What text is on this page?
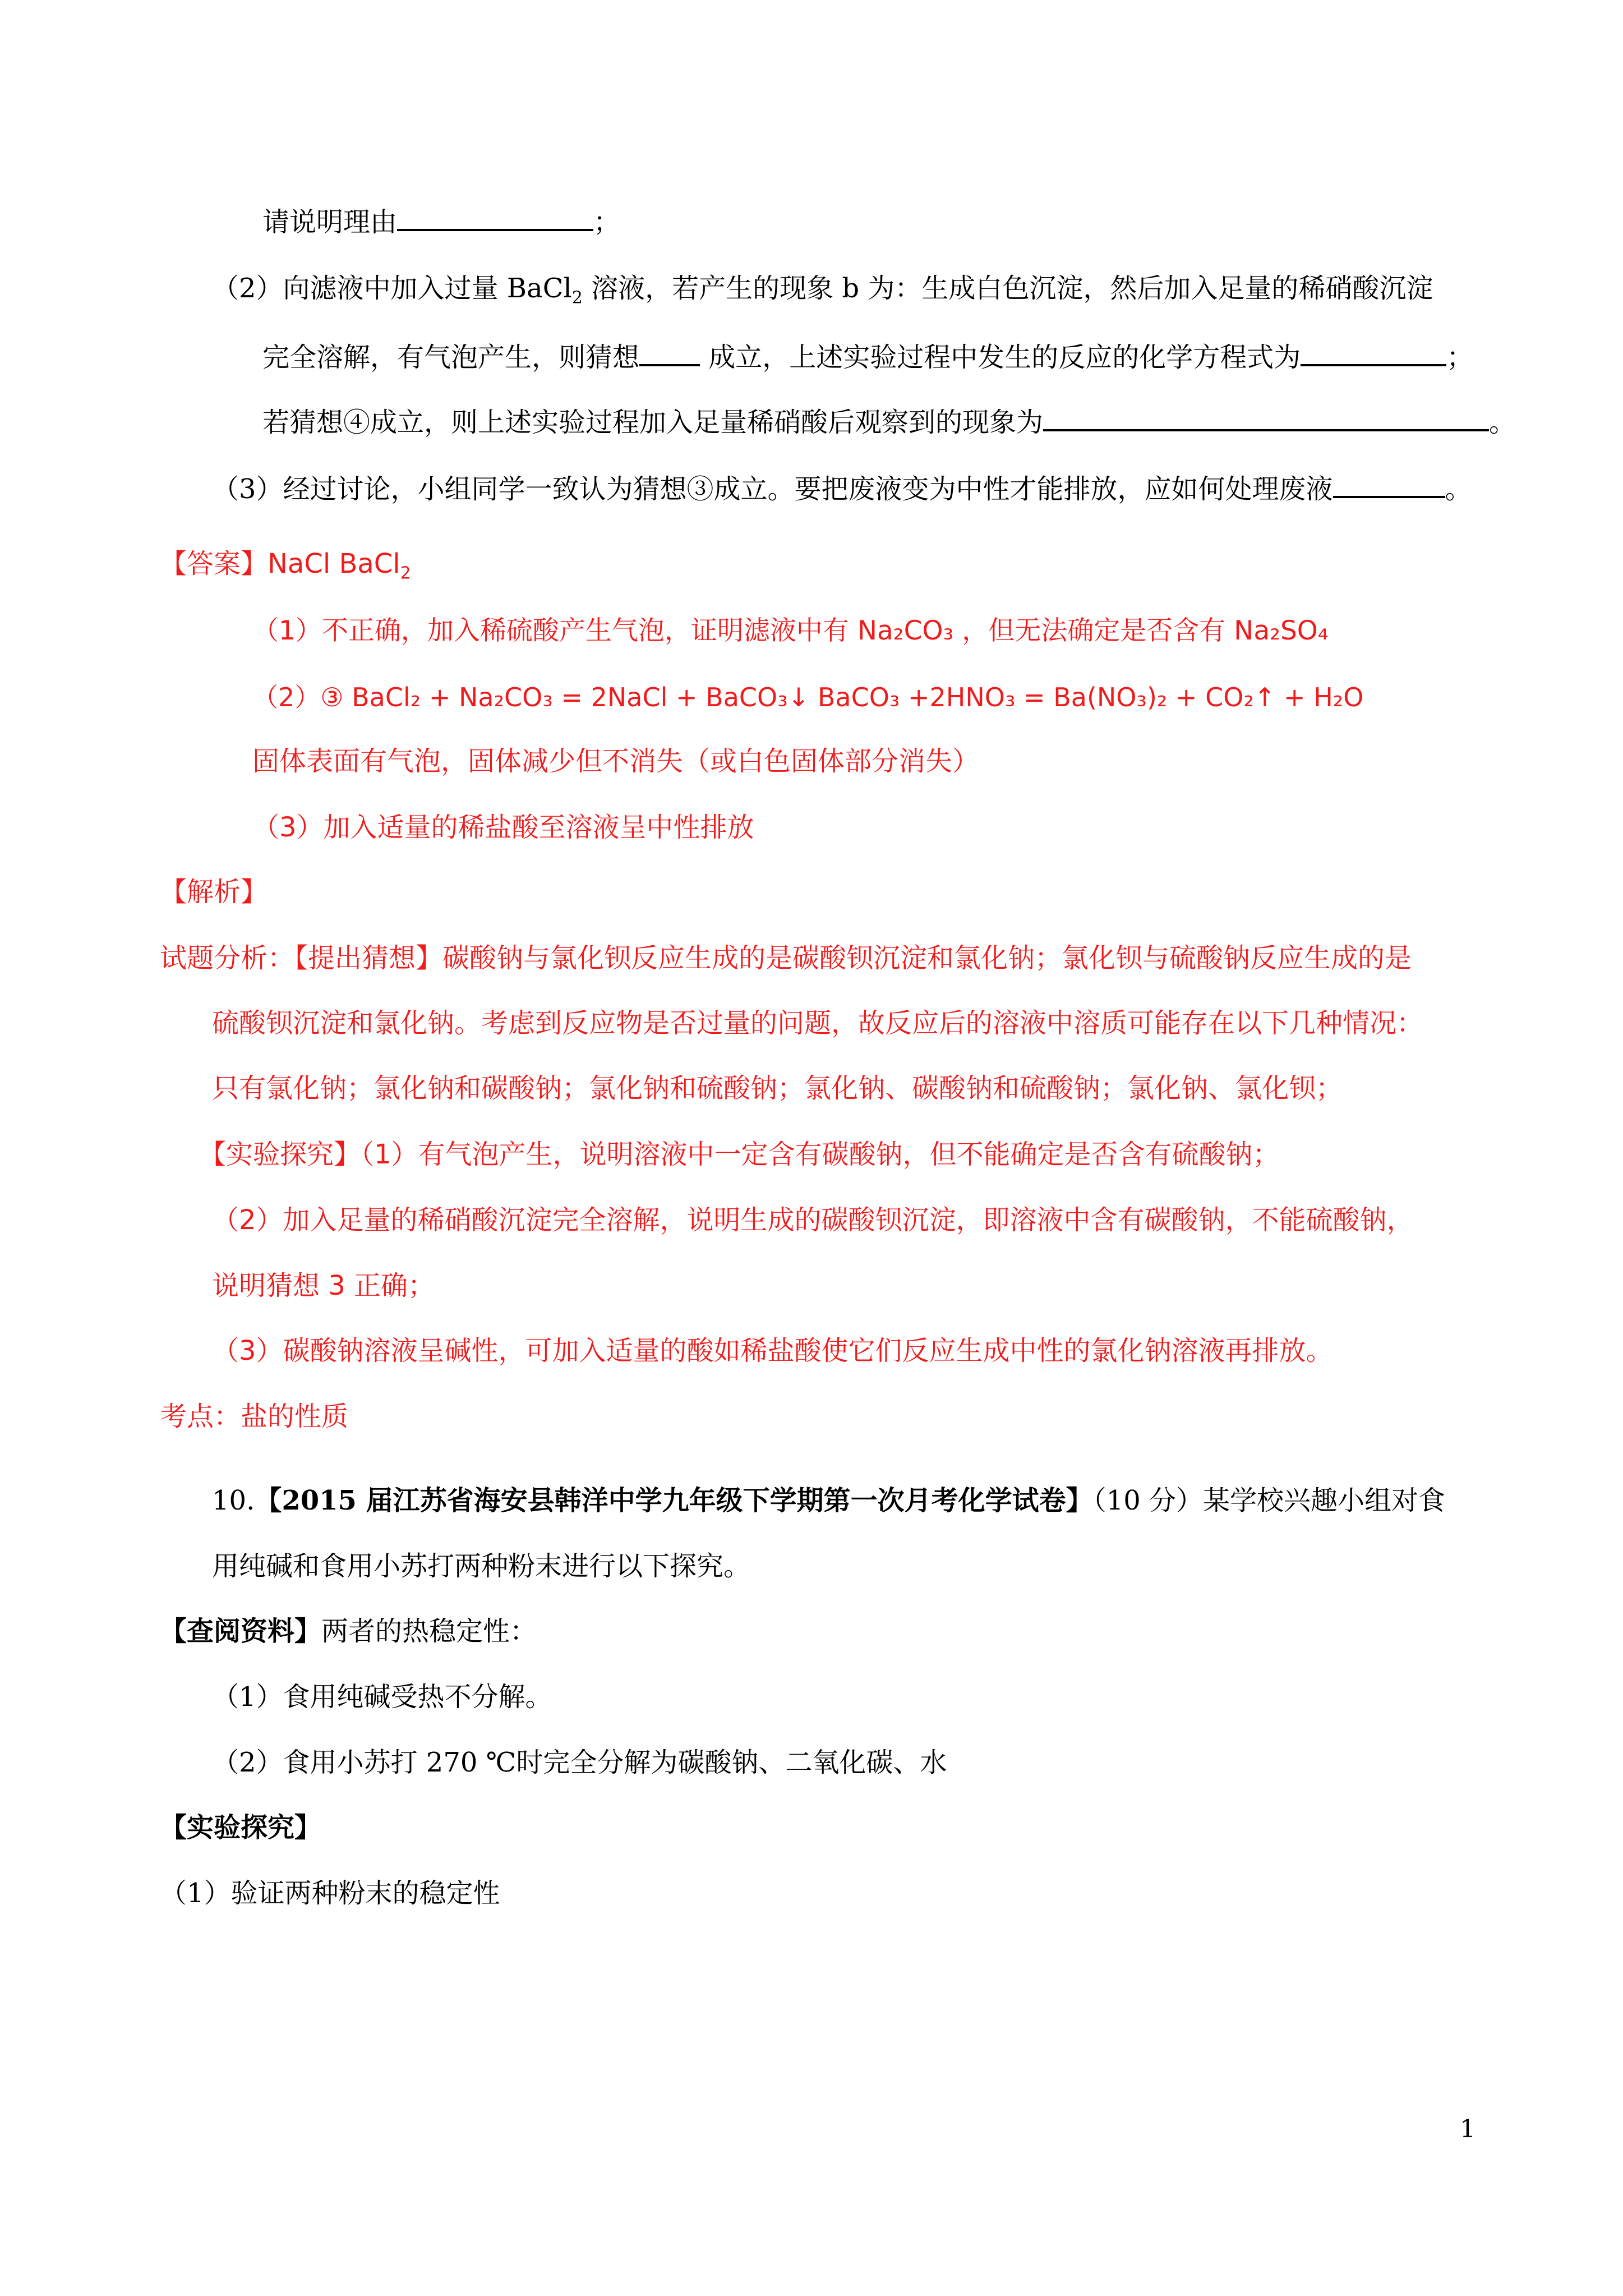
请说明理由	；
（2）向滤液中加入过量 BaCl$_2$ 溶液，若产生的现象 b 为：生成白色沉淀，然后加入足量的稀硝酸沉淀
完全溶解，有气泡产生，则猜想 成立，上述实验过程中发生的反应的化学方程式为	；
若猜想④成立，则上述实验过程加入足量稀硝酸后观察到的现象为	。
（3）经过讨论，小组同学一致认为猜想③成立。要把废液变为中性才能排放，应如何处理废液	。
【答案】NaCl BaCl$_2$
（1）不正确，加入稀硫酸产生气泡，证明滤液中有 Na₂CO₃ ，但无法确定是否含有 Na₂SO₄
（2）③ BaCl₂ + Na₂CO₃ = 2NaCl + BaCO₃↓ BaCO₃ +2HNO₃ = Ba(NO₃)₂ + CO₂↑ + H₂O
固体表面有气泡，固体减少但不消失（或白色固体部分消失）
（3）加入适量的稀盐酸至溶液呈中性排放
【解析】
试题分析：【提出猜想】碳酸钠与氯化钡反应生成的是碳酸钡沉淀和氯化钠；氯化钡与硫酸钠反应生成的是
硫酸钡沉淀和氯化钠。考虑到反应物是否过量的问题，故反应后的溶液中溶质可能存在以下几种情况：
只有氯化钠；氯化钠和碳酸钠；氯化钠和硫酸钠；氯化钠、碳酸钠和硫酸钠；氯化钠、氯化钡；
【实验探究】（1）有气泡产生，说明溶液中一定含有碳酸钠，但不能确定是否含有硫酸钠；
（2）加入足量的稀硝酸沉淀完全溶解，说明生成的碳酸钡沉淀，即溶液中含有碳酸钠，不能硫酸钠，
说明猜想 3 正确；
（3）碳酸钠溶液呈碱性，可加入适量的酸如稀盐酸使它们反应生成中性的氯化钠溶液再排放。
考点：盐的性质
10.【2015 届江苏省海安县韩洋中学九年级下学期第一次月考化学试卷】（10 分）某学校兴趣小组对食
用纯碱和食用小苏打两种粉末进行以下探究。
【查阅资料】两者的热稳定性：
（1）食用纯碱受热不分解。
（2）食用小苏打 270 ℃时完全分解为碳酸钠、二氧化碳、水
【实验探究】
（1）验证两种粉末的稳定性
1
